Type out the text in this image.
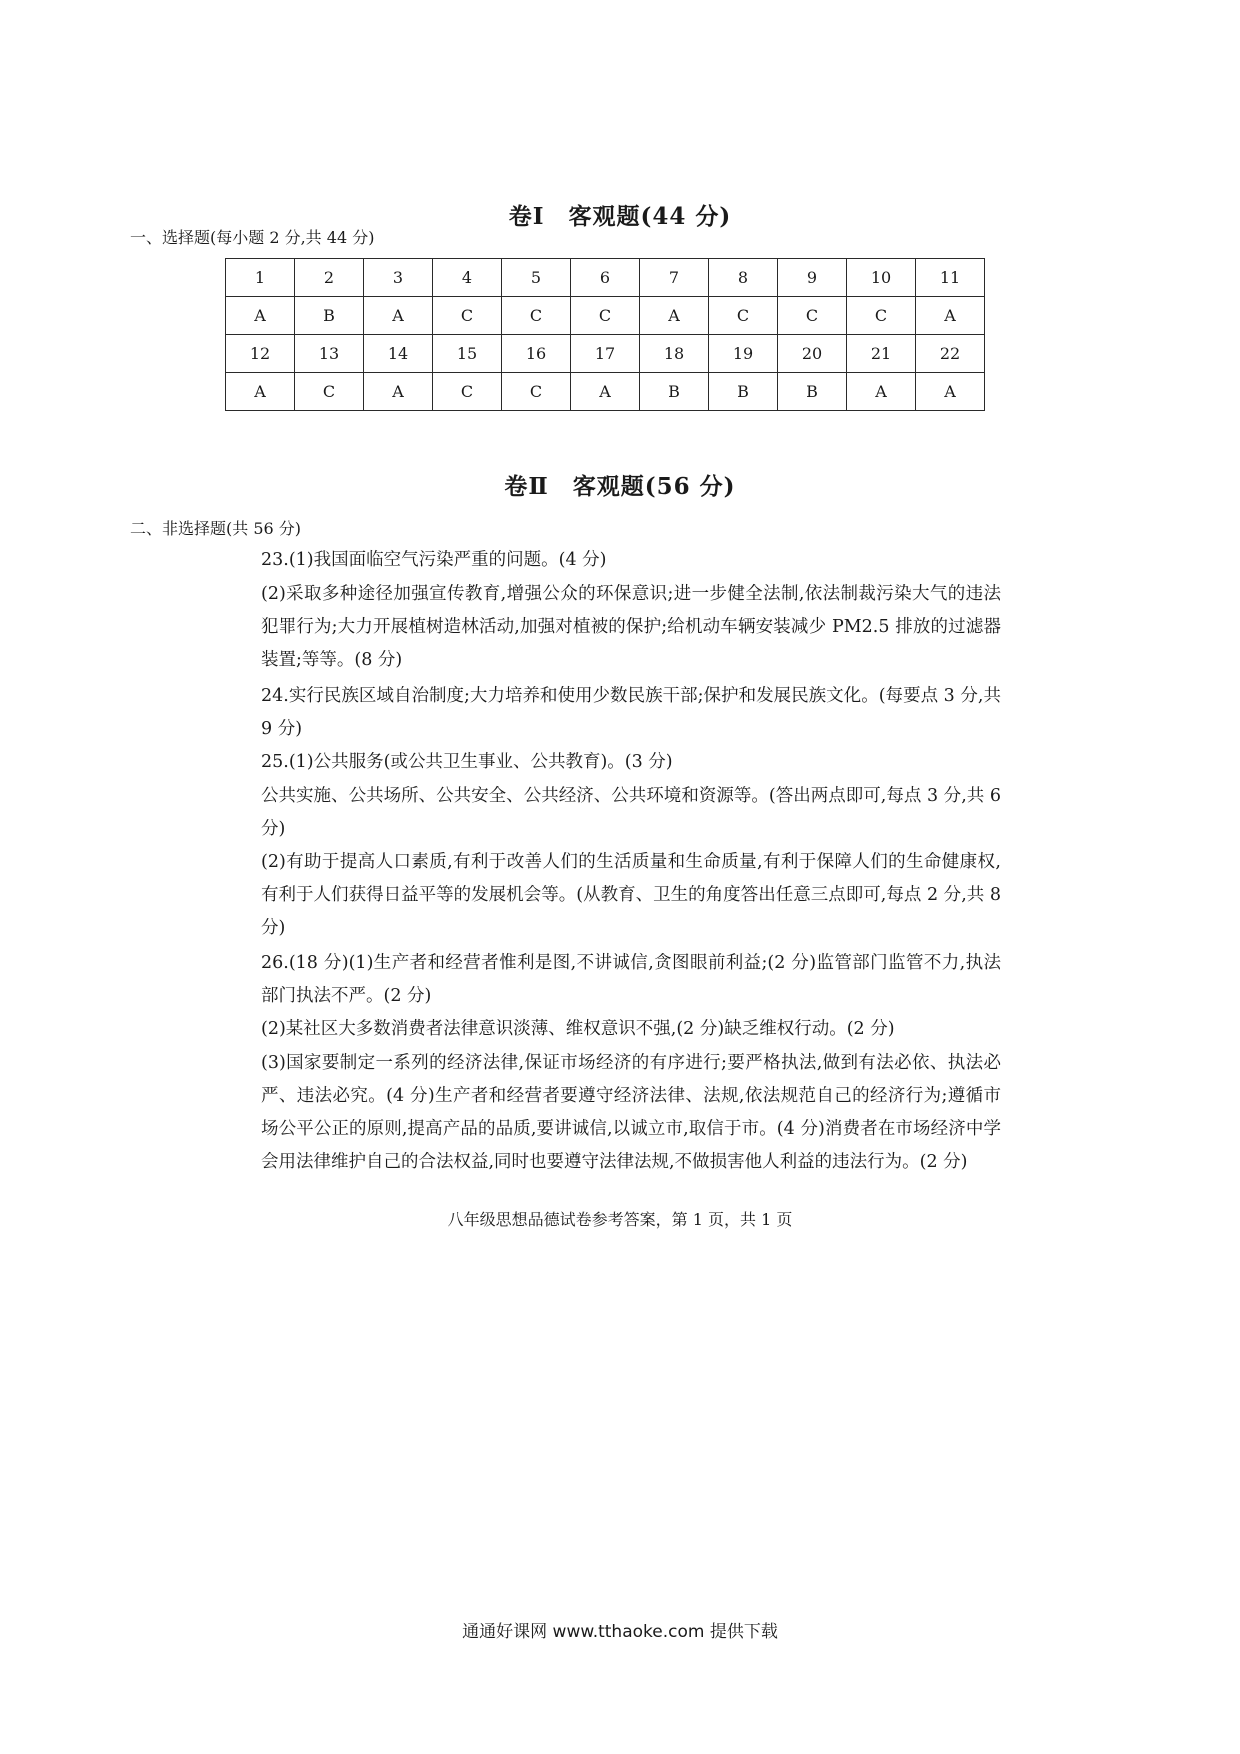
卷Ⅰ　客观题(44 分)
一、选择题(每小题 2 分,共 44 分)
1	2	3	4	5	6	7	8	9	10	11
A	B	A	C	C	C	A	C	C	C	A
12	13	14	15	16	17	18	19	20	21	22
A	C	A	C	C	A	B	B	B	A	A
卷Ⅱ　客观题(56 分)
二、非选择题(共 56 分)
23.(1)我国面临空气污染严重的问题。(4 分)

(2)采取多种途径加强宣传教育,增强公众的环保意识;进一步健全法制,依法制裁污染大气的违法犯罪行为;大力开展植树造林活动,加强对植被的保护;给机动车辆安装减少 PM2.5 排放的过滤器装置;等等。(8 分)

24.实行民族区域自治制度;大力培养和使用少数民族干部;保护和发展民族文化。(每要点 3 分,共 9 分)

25.(1)公共服务(或公共卫生事业、公共教育)。(3 分)

公共实施、公共场所、公共安全、公共经济、公共环境和资源等。(答出两点即可,每点 3 分,共 6 分)

(2)有助于提高人口素质,有利于改善人们的生活质量和生命质量,有利于保障人们的生命健康权,有利于人们获得日益平等的发展机会等。(从教育、卫生的角度答出任意三点即可,每点 2 分,共 8 分)

26.(18 分)(1)生产者和经营者惟利是图,不讲诚信,贪图眼前利益;(2 分)监管部门监管不力,执法部门执法不严。(2 分)

(2)某社区大多数消费者法律意识淡薄、维权意识不强,(2 分)缺乏维权行动。(2 分)

(3)国家要制定一系列的经济法律,保证市场经济的有序进行;要严格执法,做到有法必依、执法必严、违法必究。(4 分)生产者和经营者要遵守经济法律、法规,依法规范自己的经济行为;遵循市场公平公正的原则,提高产品的品质,要讲诚信,以诚立市,取信于市。(4 分)消费者在市场经济中学会用法律维护自己的合法权益,同时也要遵守法律法规,不做损害他人利益的违法行为。(2 分)

八年级思想品德试卷参考答案，第 1 页，共 1 页
通通好课网 www.tthaoke.com 提供下载
